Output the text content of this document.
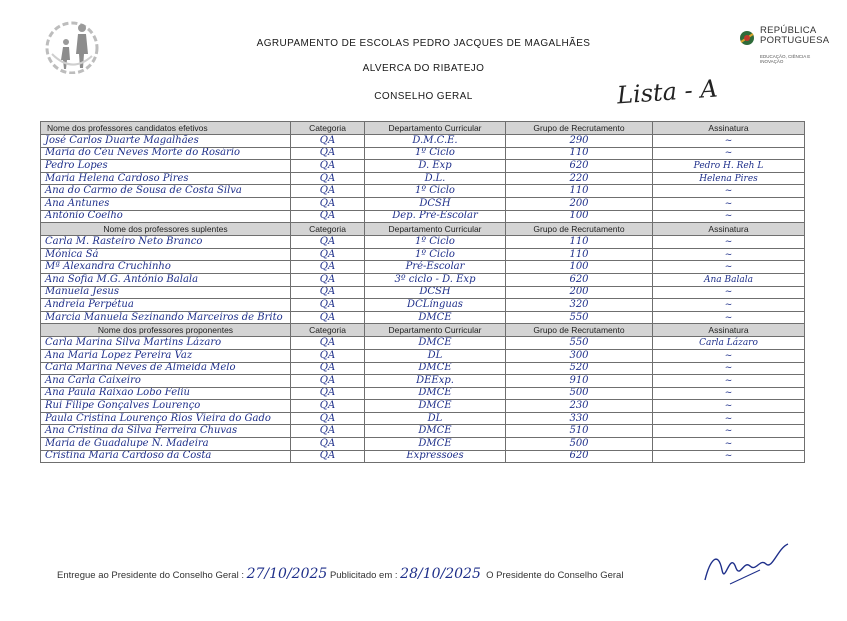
AGRUPAMENTO DE ESCOLAS PEDRO JACQUES DE MAGALHÃES
ALVERCA DO RIBATEJO
CONSELHO GERAL
REPÚBLICA
PORTUGUESA
EDUCAÇÃO, CIÊNCIA E INOVAÇÃO
Lista - A
Nome dos professores candidatos efetivos	Categoria	Departamento Curricular	Grupo de Recrutamento	Assinatura
José Carlos Duarte Magalhães	QA	D.M.C.E.	290	~
Maria do Céu Neves Morte do Rosário	QA	1º Ciclo	110	~
Pedro Lopes	QA	D. Exp	620	Pedro H. Reh L
Maria Helena Cardoso Pires	QA	D.L.	220	Helena Pires
Ana do Carmo de Sousa de Costa Silva	QA	1º Ciclo	110	~
Ana Antunes	QA	DCSH	200	~
António Coelho	QA	Dep. Pré-Escolar	100	~
Nome dos professores suplentes	Categoria	Departamento Curricular	Grupo de Recrutamento	Assinatura
Carla M. Rasteiro Neto Branco	QA	1º Ciclo	110	~
Mónica Sá	QA	1º Ciclo	110	~
Mª Alexandra Cruchinho	QA	Pré-Escolar	100	~
Ana Sofia M.G. António Balala	QA	3º ciclo - D. Exp	620	Ana Balala
Manuela Jesus	QA	DCSH	200	~
Andreia Perpétua	QA	DCLínguas	320	~
Marcia Manuela Sezinando Marceiros de Brito	QA	DMCE	550	~
Nome dos professores proponentes	Categoria	Departamento Curricular	Grupo de Recrutamento	Assinatura
Carla Marina Silva Martins Lázaro	QA	DMCE	550	Carla Lázaro
Ana Maria Lopez Pereira Vaz	QA	DL	300	~
Carla Marina Neves de Almeida Melo	QA	DMCE	520	~
Ana Carla Caixeiro	QA	DEExp.	910	~
Ana Paula Raixão Lobo Feliú	QA	DMCE	500	~
Rui Filipe Gonçalves Lourenço	QA	DMCE	230	~
Paula Cristina Lourenço Rios Vieira do Gado	QA	DL	330	~
Ana Cristina da Silva Ferreira Chuvas	QA	DMCE	510	~
Maria de Guadalupe N. Madeira	QA	DMCE	500	~
Cristina Maria Cardoso da Costa	QA	Expressões	620	~
Entregue ao Presidente do Conselho Geral : 27/10/2025 Publicitado em : 28/10/2025 O Presidente do Conselho Geral
